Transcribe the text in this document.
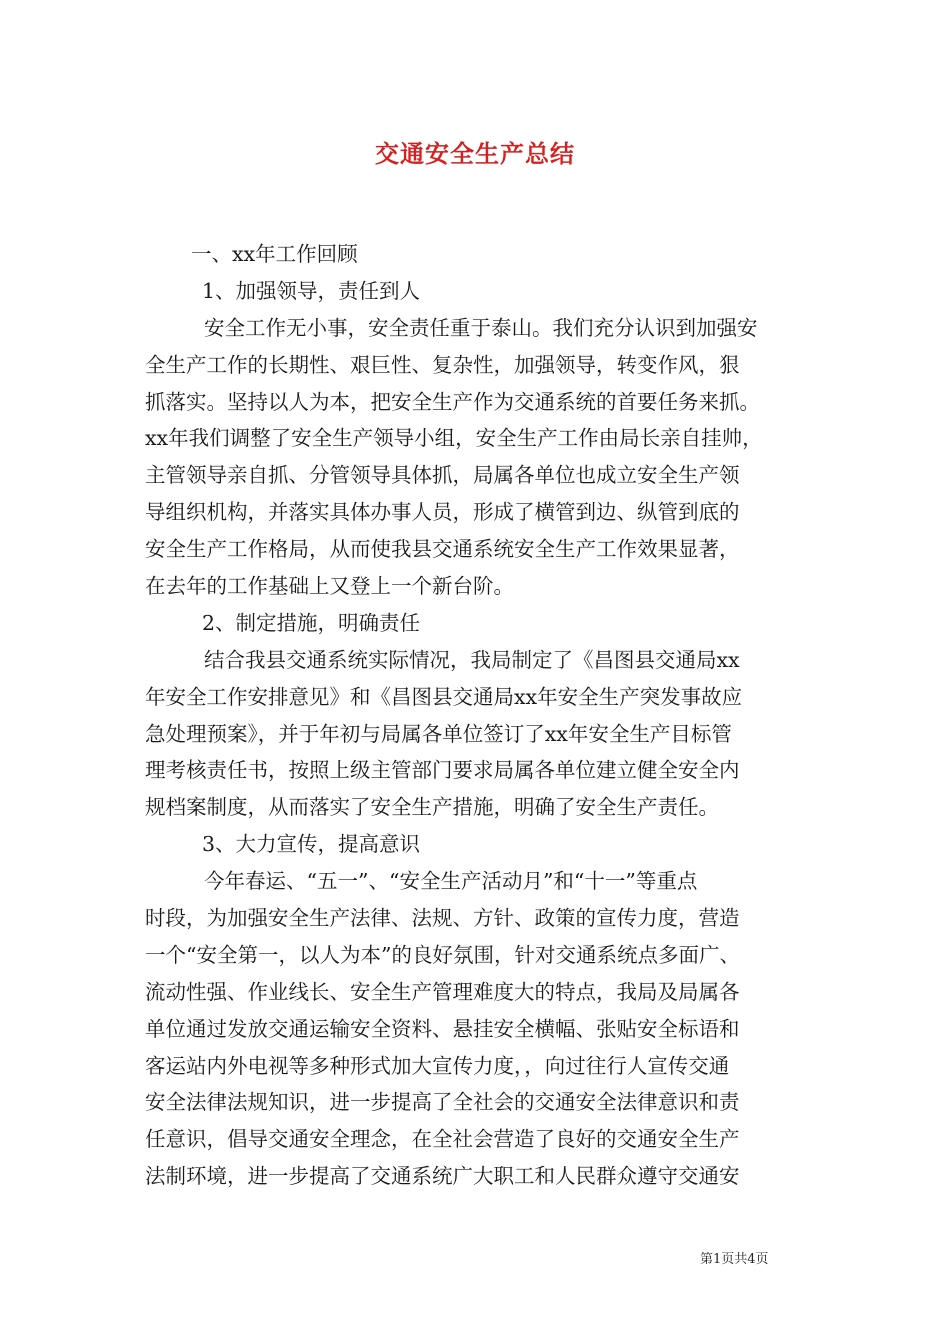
交通安全生产总结
一、xx年工作回顾
1、加强领导，责任到人
安全工作无小事，安全责任重于泰山。我们充分认识到加强安
全生产工作的长期性、艰巨性、复杂性，加强领导，转变作风，狠
抓落实。坚持以人为本，把安全生产作为交通系统的首要任务来抓。
xx年我们调整了安全生产领导小组，安全生产工作由局长亲自挂帅，
主管领导亲自抓、分管领导具体抓，局属各单位也成立安全生产领
导组织机构，并落实具体办事人员，形成了横管到边、纵管到底的
安全生产工作格局，从而使我县交通系统安全生产工作效果显著，
在去年的工作基础上又登上一个新台阶。
2、制定措施，明确责任
结合我县交通系统实际情况，我局制定了《昌图县交通局xx
年安全工作安排意见》和《昌图县交通局xx年安全生产突发事故应
急处理预案》，并于年初与局属各单位签订了xx年安全生产目标管
理考核责任书，按照上级主管部门要求局属各单位建立健全安全内
规档案制度，从而落实了安全生产措施，明确了安全生产责任。
3、大力宣传，提高意识
今年春运、“五一”、“安全生产活动月”和“十一”等重点
时段，为加强安全生产法律、法规、方针、政策的宣传力度，营造
一个“安全第一，以人为本”的良好氛围，针对交通系统点多面广、
流动性强、作业线长、安全生产管理难度大的特点，我局及局属各
单位通过发放交通运输安全资料、悬挂安全横幅、张贴安全标语和
客运站内外电视等多种形式加大宣传力度，，向过往行人宣传交通
安全法律法规知识，进一步提高了全社会的交通安全法律意识和责
任意识，倡导交通安全理念，在全社会营造了良好的交通安全生产
法制环境，进一步提高了交通系统广大职工和人民群众遵守交通安
第1页共4页
